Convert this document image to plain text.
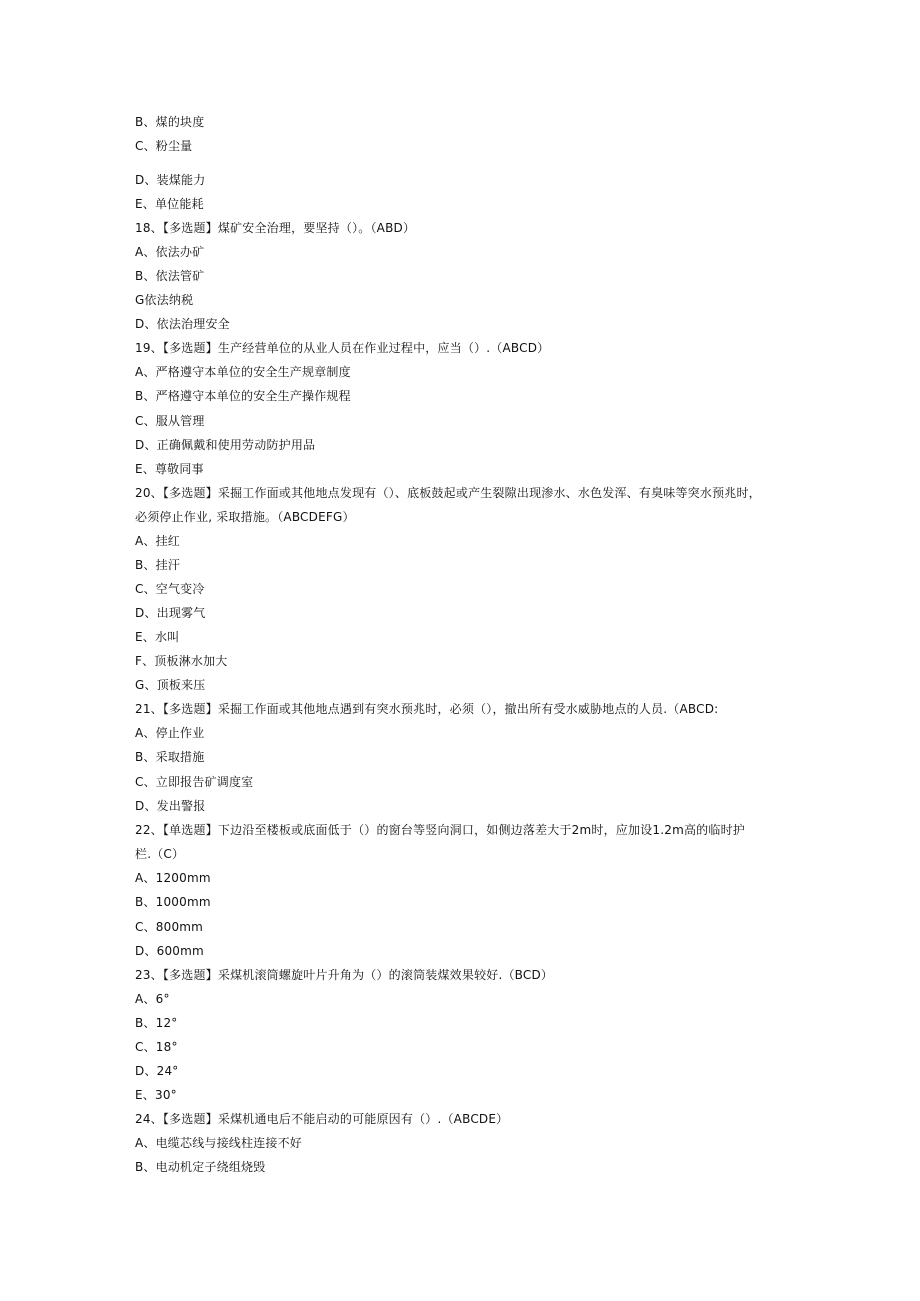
B、煤的块度
C、粉尘量
D、装煤能力
E、单位能耗
18、【多选题】煤矿安全治理，要坚持（）。（ABD）
A、依法办矿
B、依法管矿
G依法纳税
D、依法治理安全
19、【多选题】生产经营单位的从业人员在作业过程中，应当（）.（ABCD）
A、严格遵守本单位的安全生产规章制度
B、严格遵守本单位的安全生产操作规程
C、服从管理
D、正确佩戴和使用劳动防护用品
E、尊敬同事
20、【多选题】采掘工作面或其他地点发现有（）、底板鼓起或产生裂隙出现渗水、水色发浑、有臭味等突水预兆时，
必须停止作业, 采取措施。（ABCDEFG）
A、挂红
B、挂汗
C、空气变冷
D、出现雾气
E、水叫
F、顶板淋水加大
G、顶板来压
21、【多选题】采掘工作面或其他地点遇到有突水预兆时，必须（），撤出所有受水威胁地点的人员.（ABCD:
A、停止作业
B、采取措施
C、立即报告矿调度室
D、发出警报
22、【单选题】下边沿至楼板或底面低于（）的窗台等竖向洞口，如侧边落差大于2m时，应加设1.2m高的临时护
栏.（C）
A、1200mm
B、1000mm
C、800mm
D、600mm
23、【多选题】采煤机滚筒螺旋叶片升角为（）的滚筒装煤效果较好.（BCD）
A、6°
B、12°
C、18°
D、24°
E、30°
24、【多选题】采煤机通电后不能启动的可能原因有（）.（ABCDE）
A、电缆芯线与接线柱连接不好
B、电动机定子绕组烧毁
